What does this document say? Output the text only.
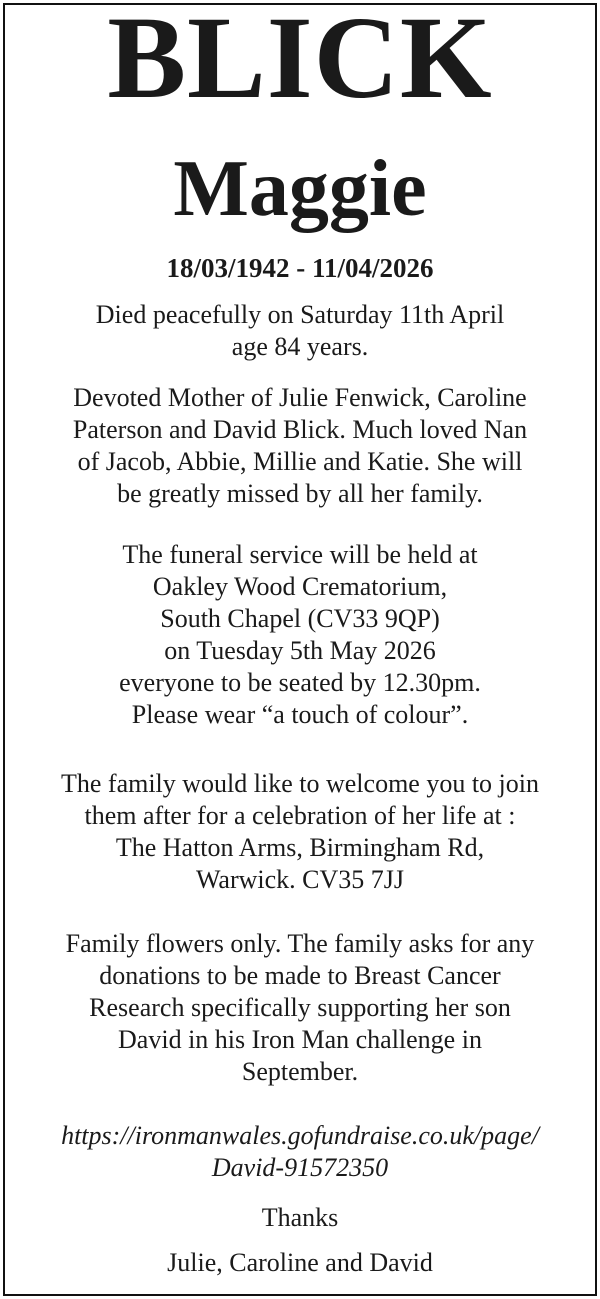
BLICK
Maggie
18/03/1942 - 11/04/2026
Died peacefully on Saturday 11th April
age 84 years.
Devoted Mother of Julie Fenwick, Caroline
Paterson and David Blick. Much loved Nan
of Jacob, Abbie, Millie and Katie. She will
be greatly missed by all her family.
The funeral service will be held at
Oakley Wood Crematorium,
South Chapel (CV33 9QP)
on Tuesday 5th May 2026
everyone to be seated by 12.30pm.
Please wear “a touch of colour”.
The family would like to welcome you to join
them after for a celebration of her life at :
The Hatton Arms, Birmingham Rd,
Warwick. CV35 7JJ
Family flowers only. The family asks for any
donations to be made to Breast Cancer
Research specifically supporting her son
David in his Iron Man challenge in
September.
https://ironmanwales.gofundraise.co.uk/page/
David-91572350
Thanks
Julie, Caroline and David
